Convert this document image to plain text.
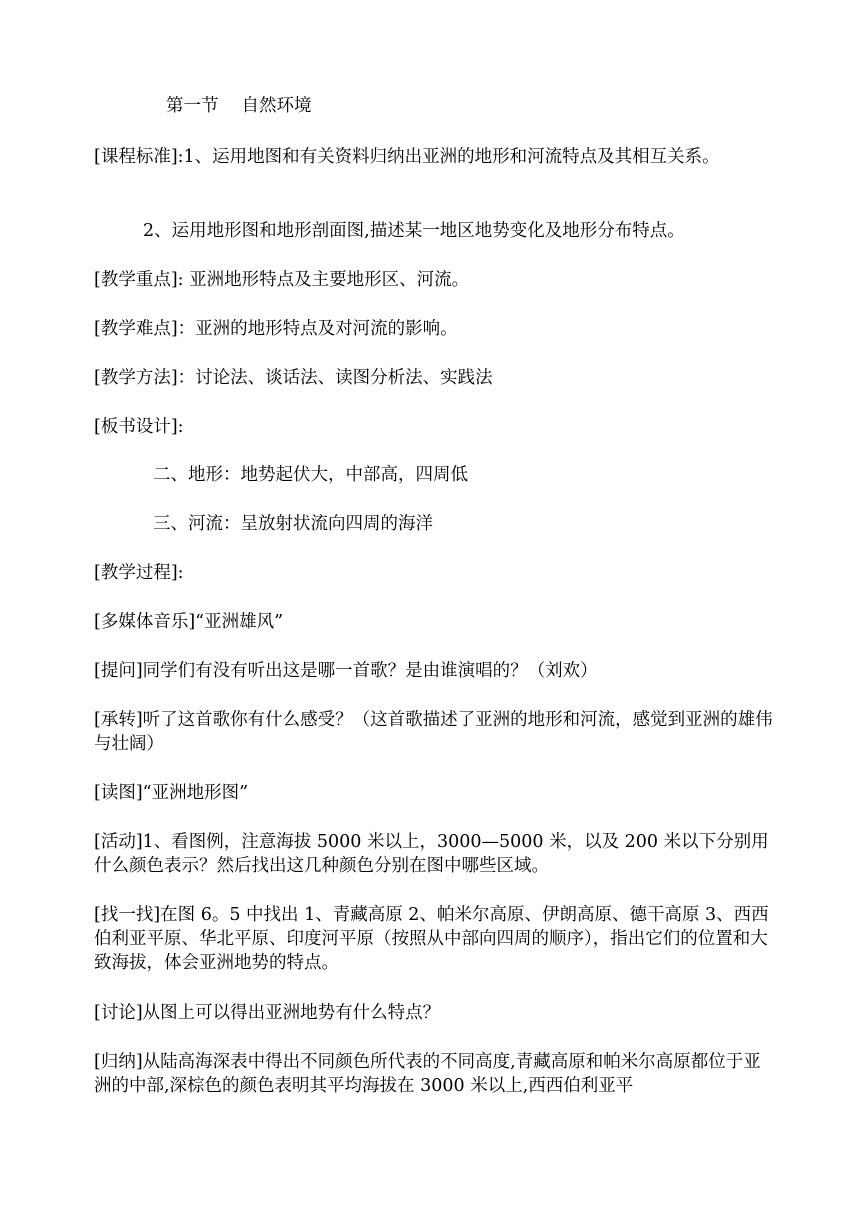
第一节　 自然环境

[课程标准]:1、运用地图和有关资料归纳出亚洲的地形和河流特点及其相互关系。

2、运用地形图和地形剖面图,描述某一地区地势变化及地形分布特点。

[教学重点]: 亚洲地形特点及主要地形区、河流。

[教学难点]：亚洲的地形特点及对河流的影响。

[教学方法]：讨论法、谈话法、读图分析法、实践法

[板书设计]:

二、地形：地势起伏大，中部高，四周低

三、河流：呈放射状流向四周的海洋

[教学过程]:

[多媒体音乐]“亚洲雄风”

[提问]同学们有没有听出这是哪一首歌？是由谁演唱的？（刘欢）

[承转]听了这首歌你有什么感受？（这首歌描述了亚洲的地形和河流，感觉到亚洲的雄伟与壮阔）

[读图]“亚洲地形图”

[活动]1、看图例，注意海拔 5000 米以上，3000—5000 米，以及 200 米以下分别用什么颜色表示？然后找出这几种颜色分别在图中哪些区域。

[找一找]在图 6。5 中找出 1、青藏高原 2、帕米尔高原、伊朗高原、德干高原 3、西西伯利亚平原、华北平原、印度河平原（按照从中部向四周的顺序），指出它们的位置和大致海拔，体会亚洲地势的特点。

[讨论]从图上可以得出亚洲地势有什么特点？

[归纳]从陆高海深表中得出不同颜色所代表的不同高度,青藏高原和帕米尔高原都位于亚洲的中部,深棕色的颜色表明其平均海拔在 3000 米以上,西西伯利亚平
